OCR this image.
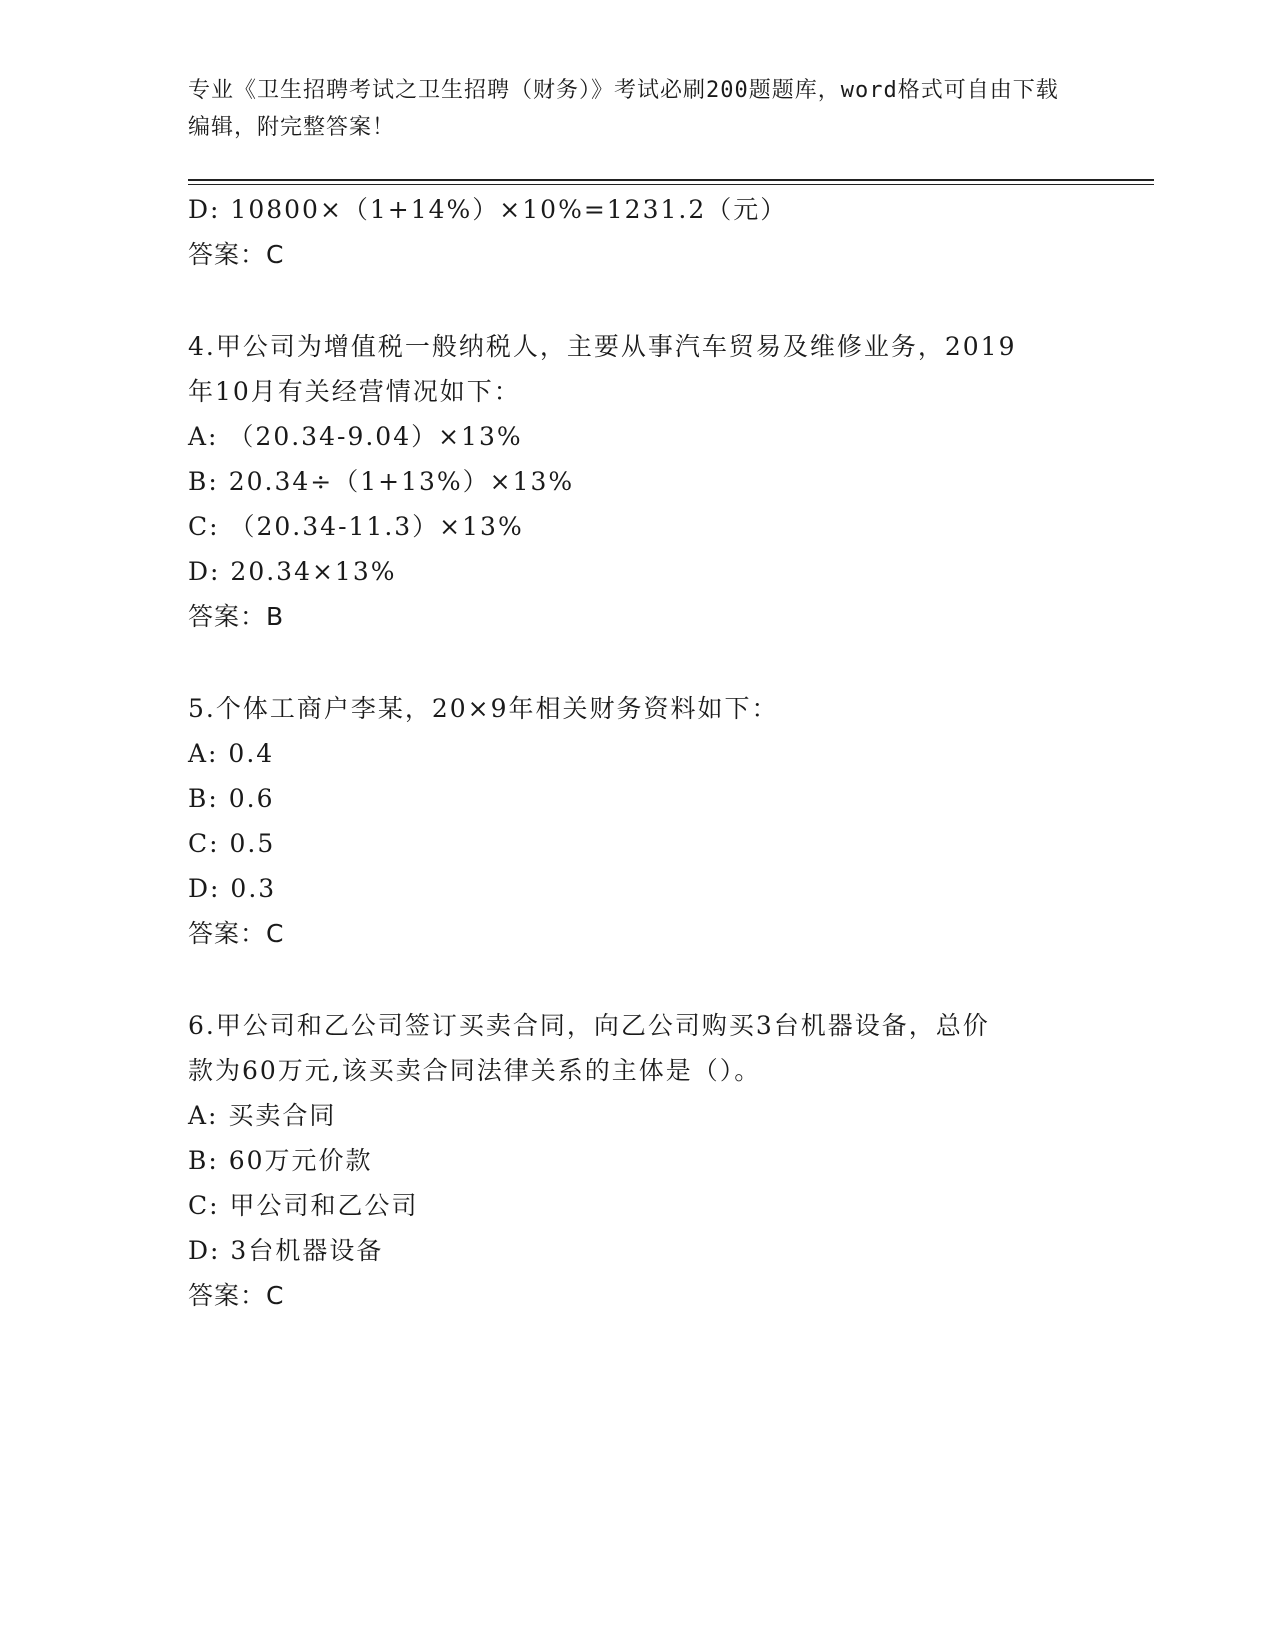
专业《卫生招聘考试之卫生招聘（财务）》考试必刷200题题库，word格式可自由下载编辑，附完整答案！
D: 10800×（1+14%）×10%=1231.2（元）
答案：C
4.甲公司为增值税一般纳税人，主要从事汽车贸易及维修业务，2019
年10月有关经营情况如下：
A: （20.34-9.04）×13%
B: 20.34÷（1+13%）×13%
C: （20.34-11.3）×13%
D: 20.34×13%
答案：B
5.个体工商户李某，20×9年相关财务资料如下：
A: 0.4
B: 0.6
C: 0.5
D: 0.3
答案：C
6.甲公司和乙公司签订买卖合同，向乙公司购买3台机器设备，总价
款为60万元,该买卖合同法律关系的主体是（）。
A: 买卖合同
B: 60万元价款
C: 甲公司和乙公司
D: 3台机器设备
答案：C
